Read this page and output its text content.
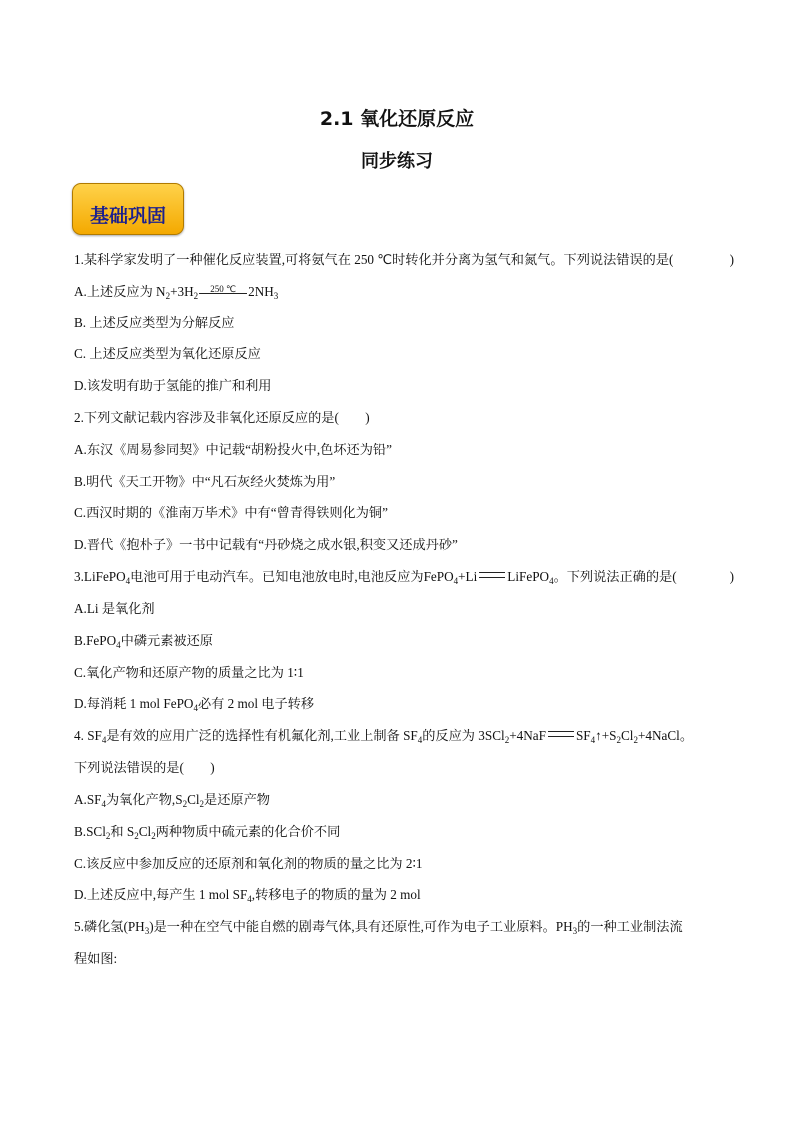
2.1 氧化还原反应
同步练习
基础巩固
1.某科学家发明了一种催化反应装置,可将氨气在 250 ℃时转化并分离为氢气和氮气。下列说法错误的是(	)
A.上述反应为 $N_2+3H_2$
250 ℃ $2NH_3$
B. 上述反应类型为分解反应
C. 上述反应类型为氧化还原反应
D.该发明有助于氢能的推广和利用
2.下列文献记载内容涉及非氧化还原反应的是(　　)
A.东汉《周易参同契》中记载“胡粉投火中,色坏还为铅”
B.明代《天工开物》中“凡石灰经火焚炼为用”
C.西汉时期的《淮南万毕术》中有“曾青得铁则化为铜”
D.晋代《抱朴子》一书中记载有“丹砂烧之成水银,积变又还成丹砂”
3.LiFePO$_4$电池可用于电动汽车。已知电池放电时,电池反应为FePO$_4$+Li LiFePO$_4$。下列说法正确的是(	)
A.Li 是氧化剂
B.FePO$_4$中磷元素被还原
C.氧化产物和还原产物的质量之比为 1∶1
D.每消耗 1 mol FePO$_4$必有 2 mol 电子转移
4. $SF_4$是有效的应用广泛的选择性有机氟化剂,工业上制备 $SF_4$的反应为 3SCl$_2$+4NaF $SF_4↑+S_2Cl_2+4NaCl$。
下列说法错误的是(　　)
$A.SF_4$为氧化产物$,S_2Cl_2$是还原产物
B.SCl$_2$和 $S_2Cl_2$两种物质中硫元素的化合价不同
C.该反应中参加反应的还原剂和氧化剂的物质的量之比为 2∶1
D.上述反应中,每产生 1 mol $SF_4$,转移电子的物质的量为 2 mol
5.磷化氢$(PH_3)$是一种在空气中能自燃的剧毒气体,具有还原性,可作为电子工业原料。$PH_3$的一种工业制法流
程如图:
